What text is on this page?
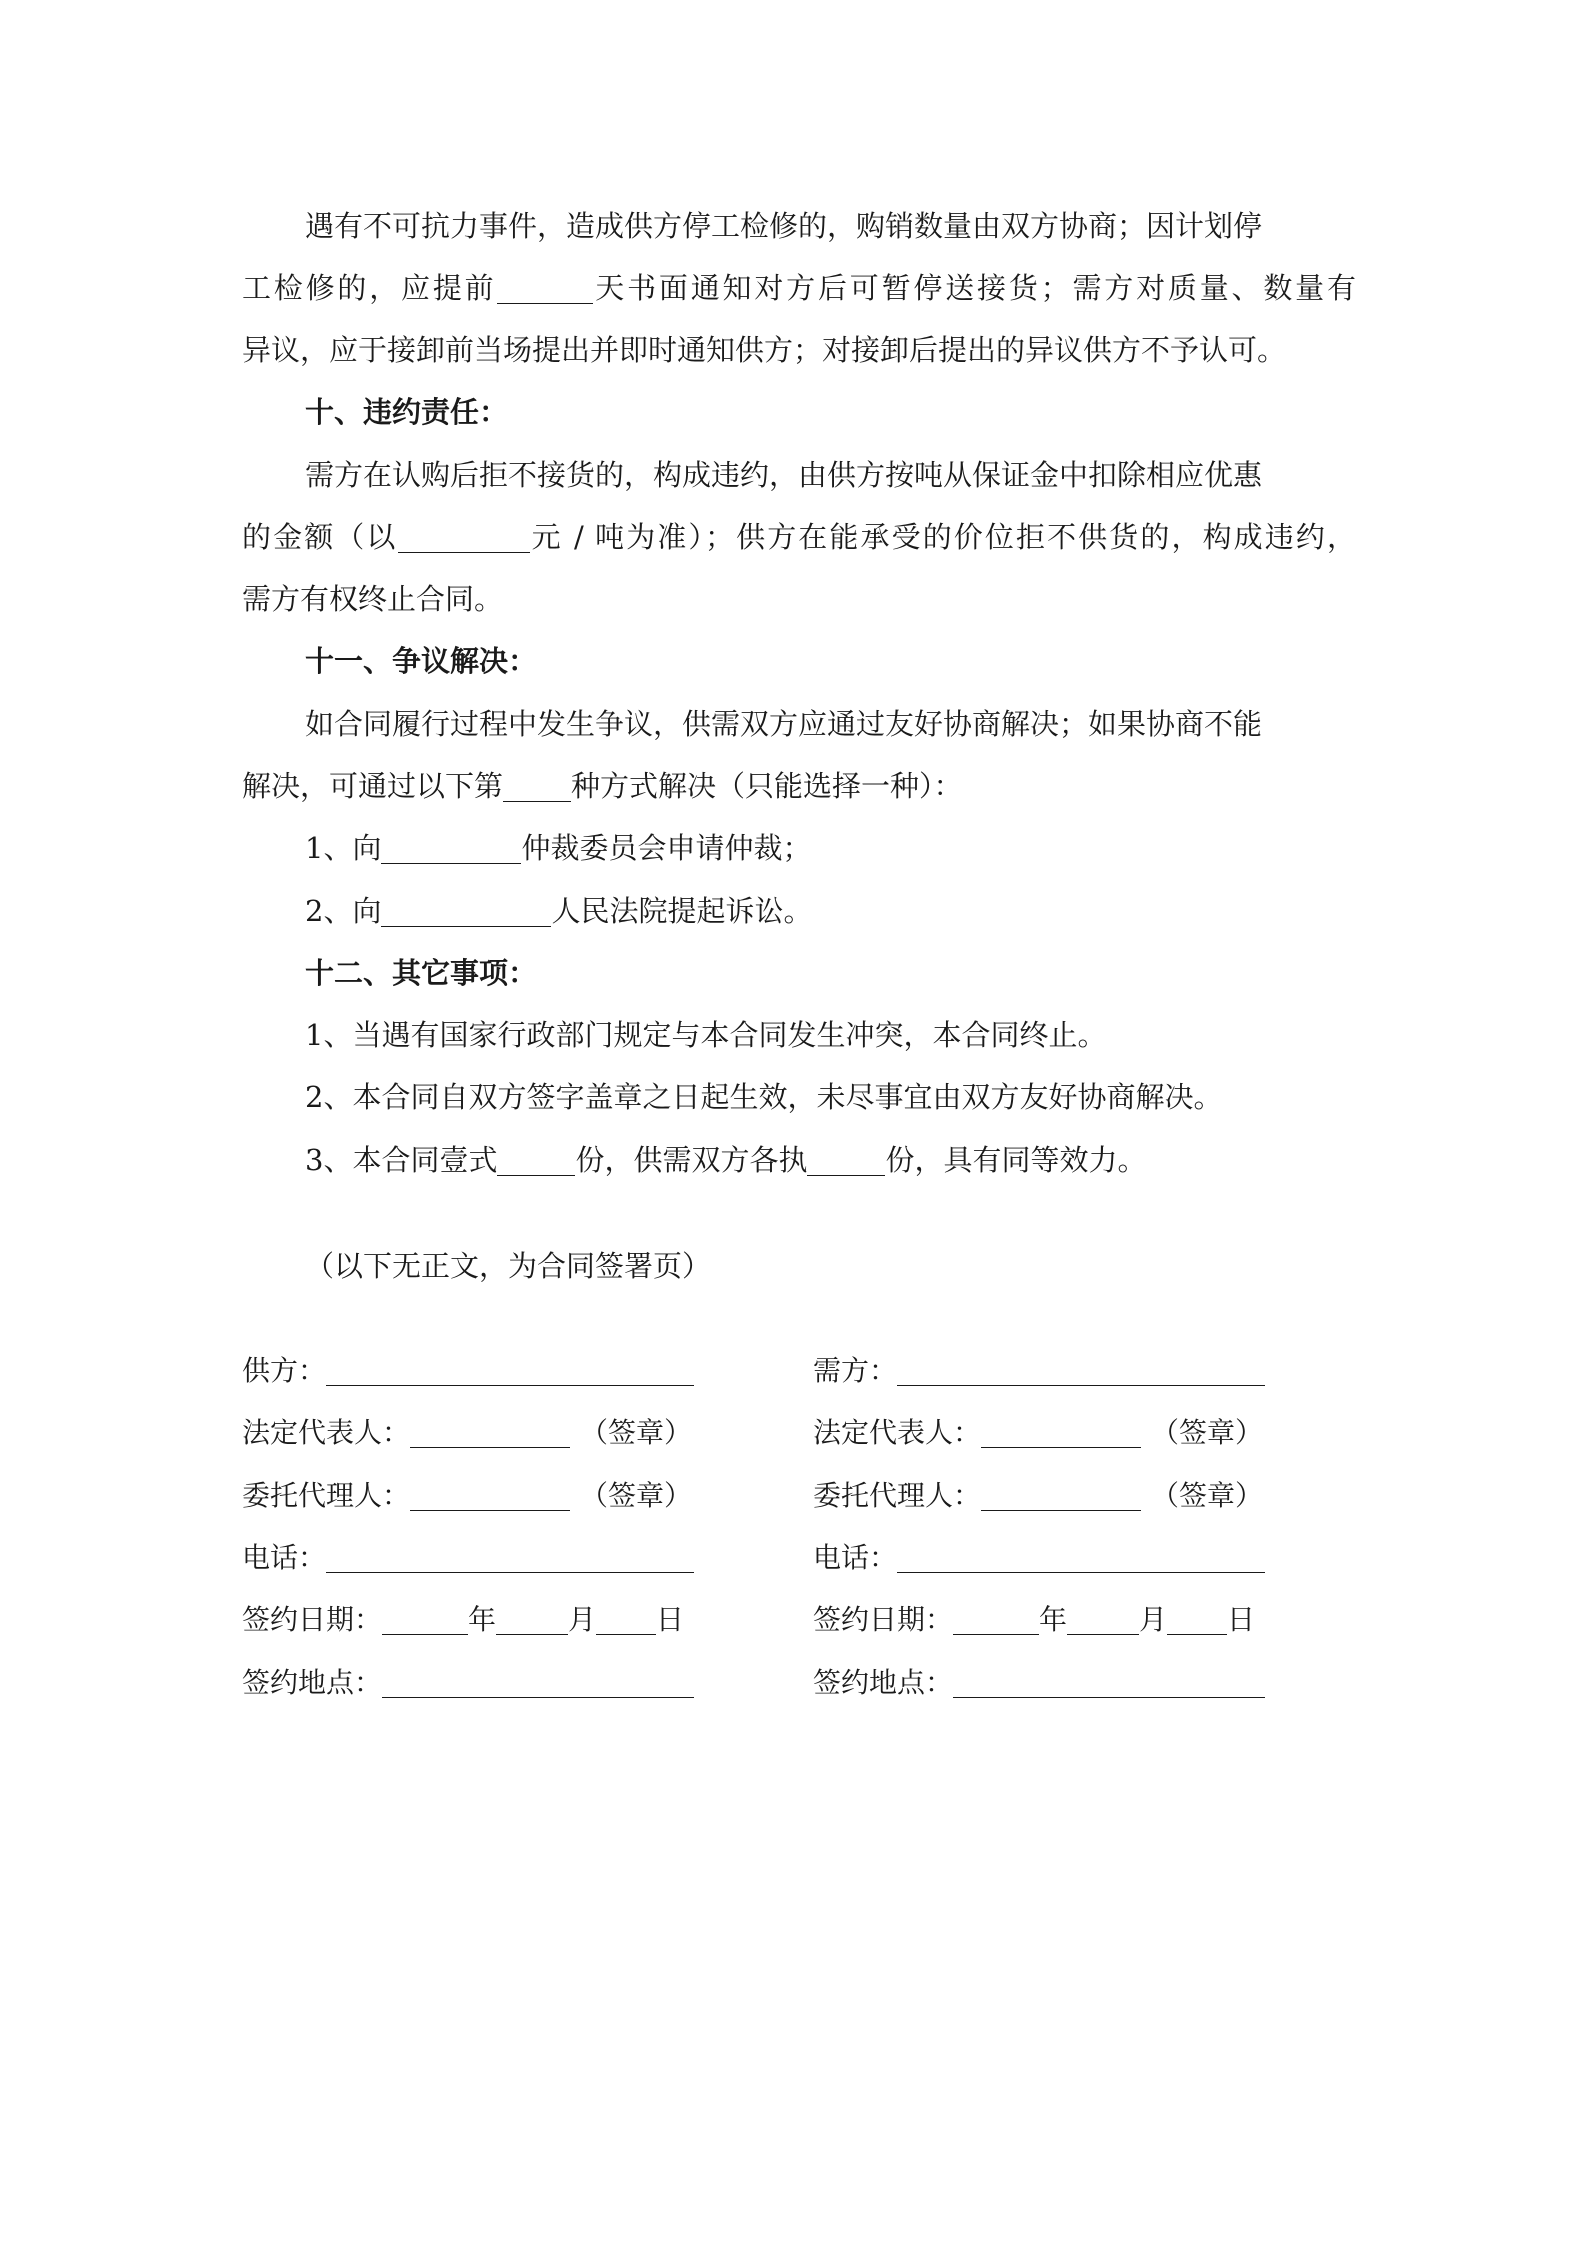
遇有不可抗力事件，造成供方停工检修的，购销数量由双方协商；因计划停
工检修的，应提前	天书面通知对方后可暂停送接货；需方对质量、数量有
异议，应于接卸前当场提出并即时通知供方；对接卸后提出的异议供方不予认可。
十、违约责任：
需方在认购后拒不接货的，构成违约，由供方按吨从保证金中扣除相应优惠
的金额（以	元 / 吨为准）；供方在能承受的价位拒不供货的，构成违约，
需方有权终止合同。
十一、争议解决：
如合同履行过程中发生争议，供需双方应通过友好协商解决；如果协商不能
解决，可通过以下第 种方式解决（只能选择一种）：
1、向	仲裁委员会申请仲裁；
2、向	人民法院提起诉讼。
十二、其它事项：
1、当遇有国家行政部门规定与本合同发生冲突，本合同终止。
2、本合同自双方签字盖章之日起生效，未尽事宜由双方友好协商解决。
3、本合同壹式	份，供需双方各执	份，具有同等效力。
（以下无正文，为合同签署页）
供方：
法定代表人：	（签章）
委托代理人：	（签章）
电话：
签约日期：	年	月 日
签约地点：
需方：
法定代表人：	（签章）
委托代理人：	（签章）
电话：
签约日期：	年	月 日
签约地点：
